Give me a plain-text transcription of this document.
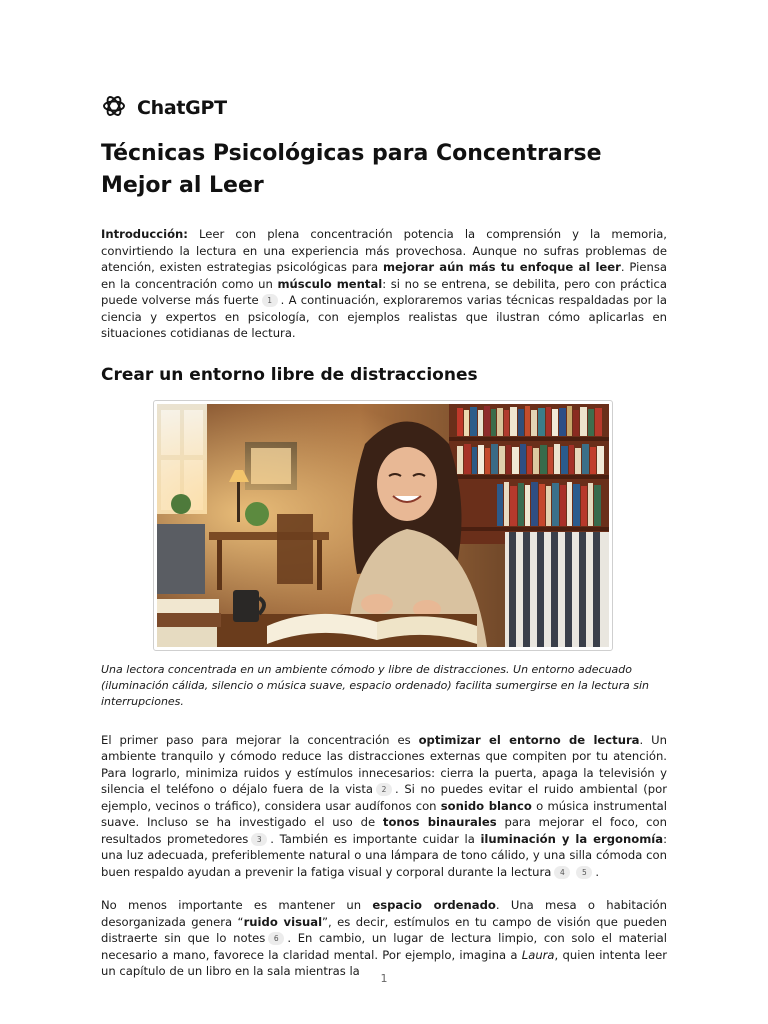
ChatGPT
Técnicas Psicológicas para Concentrarse Mejor al Leer

Introducción: Leer con plena concentración potencia la comprensión y la memoria, convirtiendo la lectura en una experiencia más provechosa. Aunque no sufras problemas de atención, existen estrategias psicológicas para mejorar aún más tu enfoque al leer. Piensa en la concentración como un músculo mental: si no se entrena, se debilita, pero con práctica puede volverse más fuerte 1 . A continuación, exploraremos varias técnicas respaldadas por la ciencia y expertos en psicología, con ejemplos realistas que ilustran cómo aplicarlas en situaciones cotidianas de lectura.

Crear un entorno libre de distracciones
Una lectora concentrada en un ambiente cómodo y libre de distracciones. Un entorno adecuado (iluminación cálida, silencio o música suave, espacio ordenado) facilita sumergirse en la lectura sin interrupciones.

El primer paso para mejorar la concentración es optimizar el entorno de lectura. Un ambiente tranquilo y cómodo reduce las distracciones externas que compiten por tu atención. Para lograrlo, minimiza ruidos y estímulos innecesarios: cierra la puerta, apaga la televisión y silencia el teléfono o déjalo fuera de la vista 2 . Si no puedes evitar el ruido ambiental (por ejemplo, vecinos o tráfico), considera usar audífonos con sonido blanco o música instrumental suave. Incluso se ha investigado el uso de tonos binaurales para mejorar el foco, con resultados prometedores 3 . También es importante cuidar la iluminación y la ergonomía: una luz adecuada, preferiblemente natural o una lámpara de tono cálido, y una silla cómoda con buen respaldo ayudan a prevenir la fatiga visual y corporal durante la lectura 4 5 .

No menos importante es mantener un espacio ordenado. Una mesa o habitación desorganizada genera “ruido visual”, es decir, estímulos en tu campo de visión que pueden distraerte sin que lo notes 6 . En cambio, un lugar de lectura limpio, con solo el material necesario a mano, favorece la claridad mental. Por ejemplo, imagina a Laura, quien intenta leer un capítulo de un libro en la sala mientras la

1
